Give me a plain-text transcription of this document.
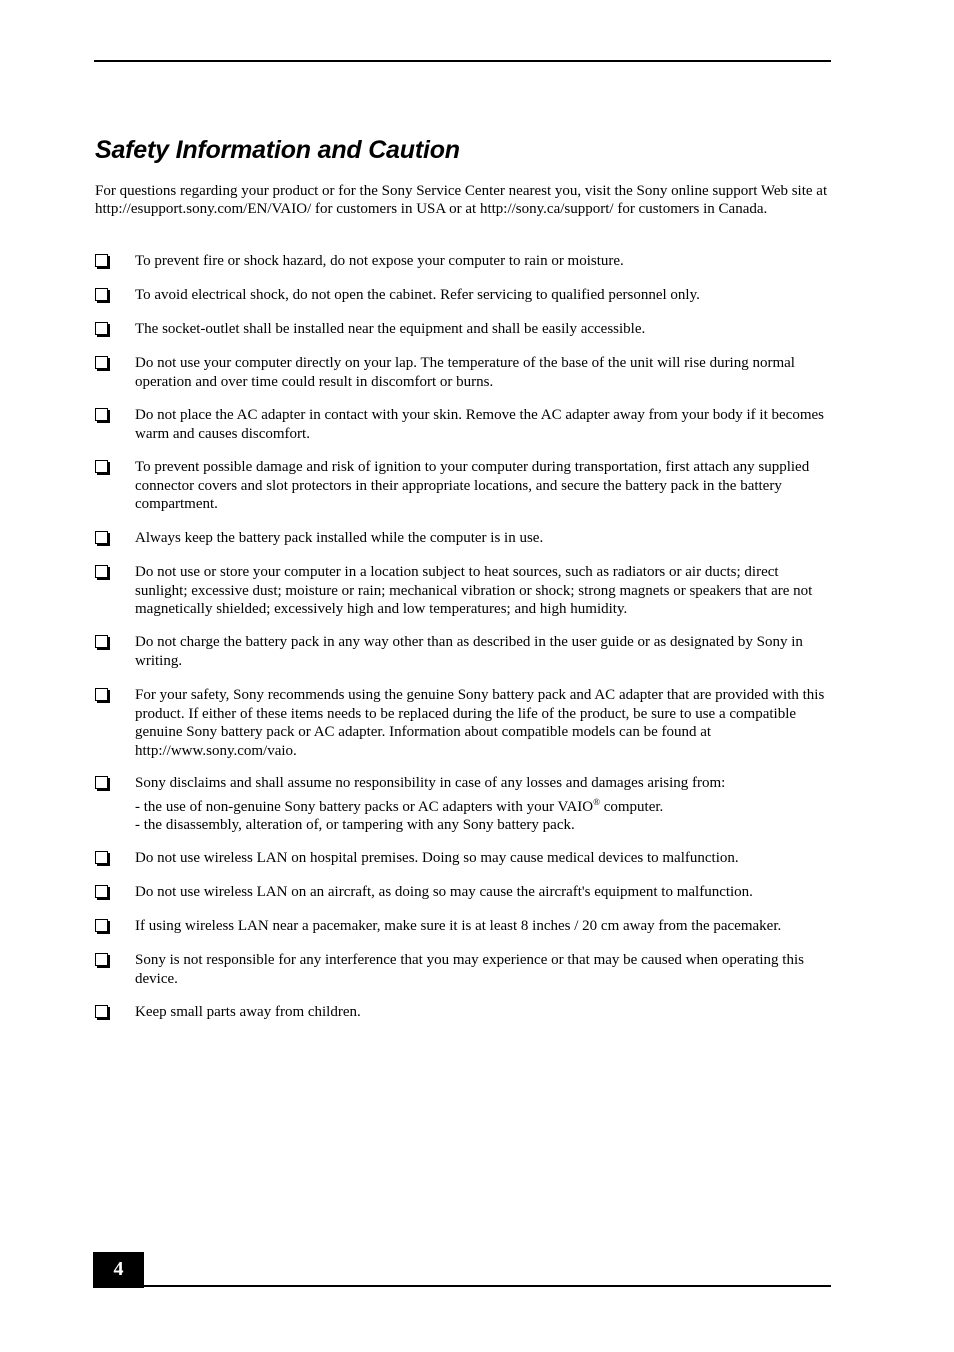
Safety Information and Caution

For questions regarding your product or for the Sony Service Center nearest you, visit the Sony online support Web site at http://esupport.sony.com/EN/VAIO/ for customers in USA or at http://sony.ca/support/ for customers in Canada.

To prevent fire or shock hazard, do not expose your computer to rain or moisture.
To avoid electrical shock, do not open the cabinet. Refer servicing to qualified personnel only.
The socket-outlet shall be installed near the equipment and shall be easily accessible.
Do not use your computer directly on your lap. The temperature of the base of the unit will rise during normal operation and over time could result in discomfort or burns.
Do not place the AC adapter in contact with your skin. Remove the AC adapter away from your body if it becomes warm and causes discomfort.
To prevent possible damage and risk of ignition to your computer during transportation, first attach any supplied connector covers and slot protectors in their appropriate locations, and secure the battery pack in the battery compartment.
Always keep the battery pack installed while the computer is in use.
Do not use or store your computer in a location subject to heat sources, such as radiators or air ducts; direct sunlight; excessive dust; moisture or rain; mechanical vibration or shock; strong magnets or speakers that are not magnetically shielded; excessively high and low temperatures; and high humidity.
Do not charge the battery pack in any way other than as described in the user guide or as designated by Sony in writing.
For your safety, Sony recommends using the genuine Sony battery pack and AC adapter that are provided with this product. If either of these items needs to be replaced during the life of the product, be sure to use a compatible genuine Sony battery pack or AC adapter. Information about compatible models can be found at http://www.sony.com/vaio.
Sony disclaims and shall assume no responsibility in case of any losses and damages arising from:
- the use of non-genuine Sony battery packs or AC adapters with your VAIO® computer.
- the disassembly, alteration of, or tampering with any Sony battery pack.
Do not use wireless LAN on hospital premises. Doing so may cause medical devices to malfunction.
Do not use wireless LAN on an aircraft, as doing so may cause the aircraft's equipment to malfunction.
If using wireless LAN near a pacemaker, make sure it is at least 8 inches / 20 cm away from the pacemaker.
Sony is not responsible for any interference that you may experience or that may be caused when operating this device.
Keep small parts away from children.
4
